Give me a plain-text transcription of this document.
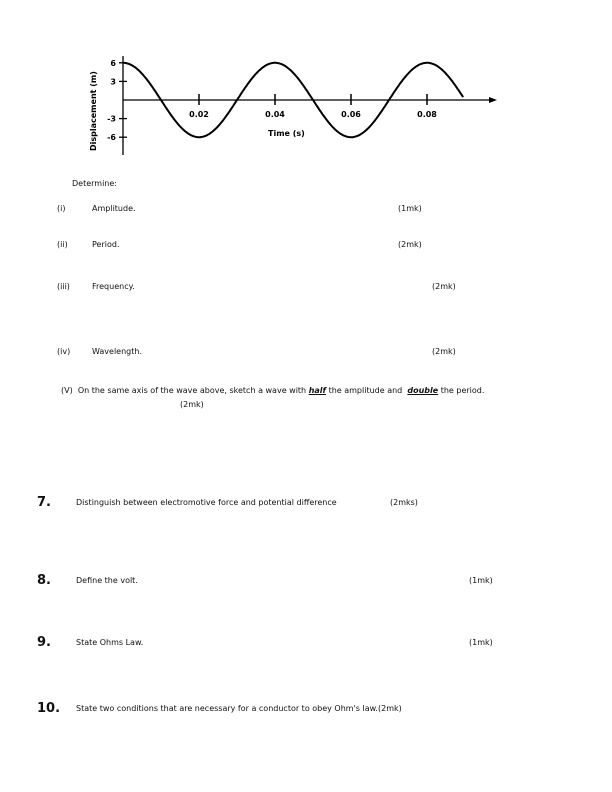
Displacement (m)	Time (s)
0.02	0.04	0.06	0.08
6
3
-3
-6
Determine:
(i)	Amplitude.	(1mk)
(ii)	Period.	(2mk)
(iii)	Frequency.	(2mk)
(iv)	Wavelength.	(2mk)
(V) On the same axis of the wave above, sketch a wave with half the amplitude and double the period.
(2mk)
7.	Distinguish between electromotive force and potential difference	(2mks)
8.	Define the volt.	(1mk)
9.	State Ohms Law.	(1mk)
10. State two conditions that are necessary for a conductor to obey Ohm's law.(2mk)
